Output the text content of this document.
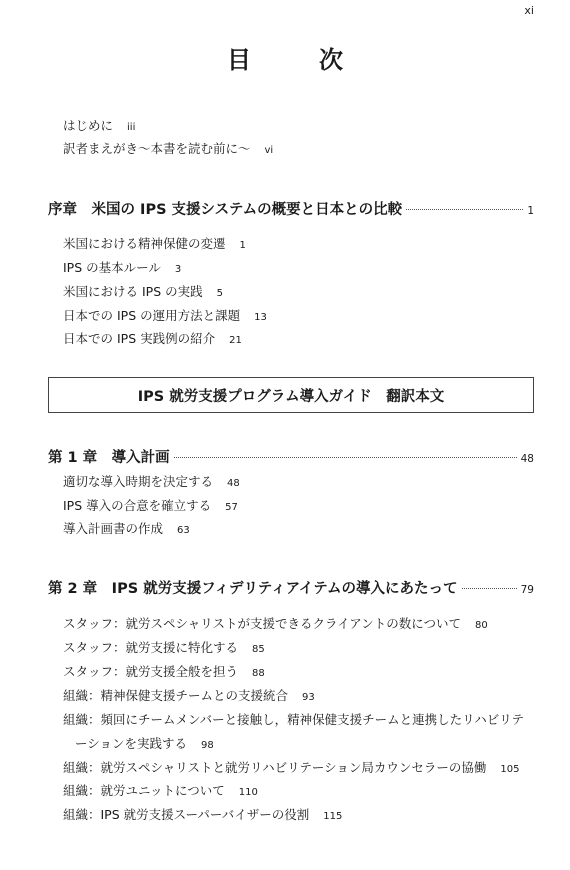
xi
目　次
はじめに iii
訳者まえがき〜本書を読む前に〜 vi
序章　米国の IPS 支援システムの概要と日本との比較	1
米国における精神保健の変遷 1
IPS の基本ルール 3
米国における IPS の実践 5
日本での IPS の運用方法と課題 13
日本での IPS 実践例の紹介 21
IPS 就労支援プログラム導入ガイド　翻訳本文
第 1 章　導入計画	48
適切な導入時期を決定する 48
IPS 導入の合意を確立する 57
導入計画書の作成 63
第 2 章　IPS 就労支援フィデリティアイテムの導入にあたって	79
スタッフ：就労スペシャリストが支援できるクライアントの数について 80
スタッフ：就労支援に特化する 85
スタッフ：就労支援全般を担う 88
組織：精神保健支援チームとの支援統合 93
組織：頻回にチームメンバーと接触し，精神保健支援チームと連携したリハビリテ
ーションを実践する 98
組織：就労スペシャリストと就労リハビリテーション局カウンセラーの協働 105
組織：就労ユニットについて 110
組織：IPS 就労支援スーパーバイザーの役割 115
